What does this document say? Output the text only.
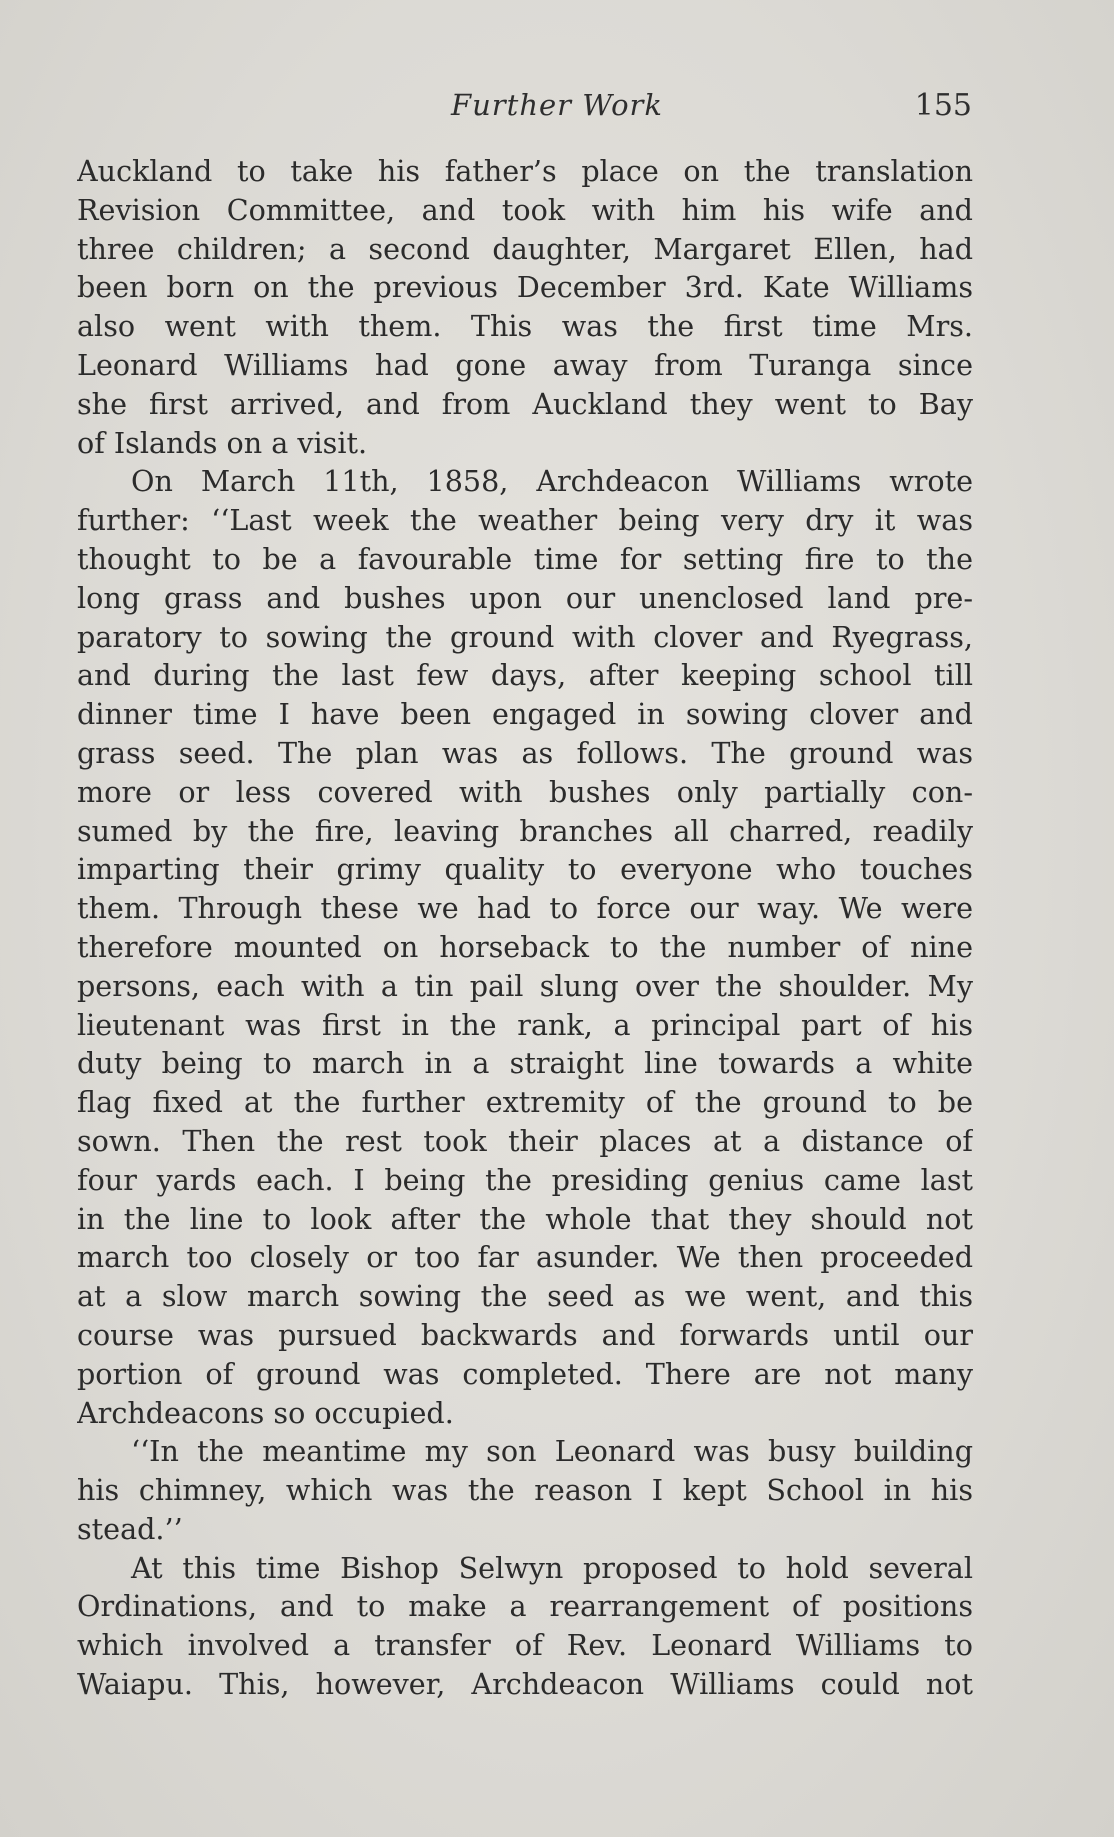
Further Work	155
Auckland to take his father’s place on the translation
Revision Committee, and took with him his wife and
three children; a second daughter, Margaret Ellen, had
been born on the previous December 3rd. Kate Williams
also went with them. This was the first time Mrs.
Leonard Williams had gone away from Turanga since
she first arrived, and from Auckland they went to Bay
of Islands on a visit.
On March 11th, 1858, Archdeacon Williams wrote
further: ‘‘Last week the weather being very dry it was
thought to be a favourable time for setting fire to the
long grass and bushes upon our unenclosed land pre-
paratory to sowing the ground with clover and Ryegrass,
and during the last few days, after keeping school till
dinner time I have been engaged in sowing clover and
grass seed. The plan was as follows. The ground was
more or less covered with bushes only partially con-
sumed by the fire, leaving branches all charred, readily
imparting their grimy quality to everyone who touches
them. Through these we had to force our way. We were
therefore mounted on horseback to the number of nine
persons, each with a tin pail slung over the shoulder. My
lieutenant was first in the rank, a principal part of his
duty being to march in a straight line towards a white
flag fixed at the further extremity of the ground to be
sown. Then the rest took their places at a distance of
four yards each. I being the presiding genius came last
in the line to look after the whole that they should not
march too closely or too far asunder. We then proceeded
at a slow march sowing the seed as we went, and this
course was pursued backwards and forwards until our
portion of ground was completed. There are not many
Archdeacons so occupied.
‘‘In the meantime my son Leonard was busy building
his chimney, which was the reason I kept School in his
stead.’’
At this time Bishop Selwyn proposed to hold several
Ordinations, and to make a rearrangement of positions
which involved a transfer of Rev. Leonard Williams to
Waiapu. This, however, Archdeacon Williams could not
